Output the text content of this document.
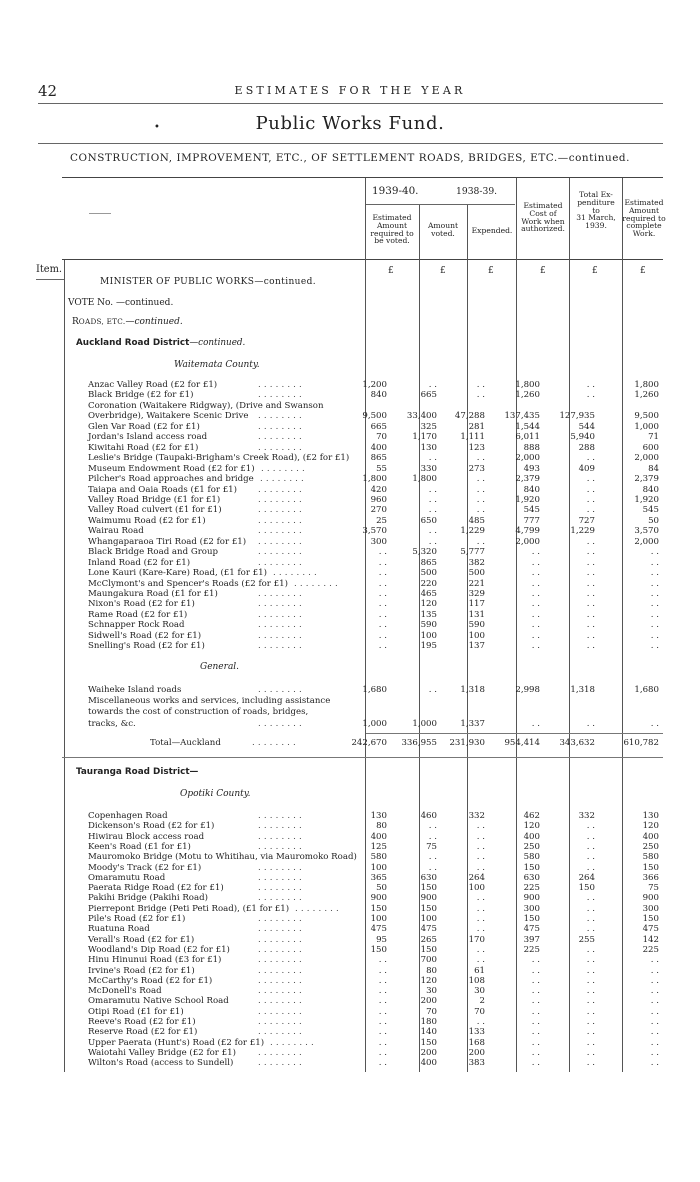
42	ESTIMATES FOR THE YEAR
•	Public Works Fund.
CONSTRUCTION, IMPROVEMENT, ETC., OF SETTLEMENT ROADS, BRIDGES, ETC.—continued.
1939-40.	1938-39.
Estimated
Amount
required to
be voted.
Amount
voted.	Expended.
Estimated
Cost of
Work when
authorized.
Total Ex-
penditure
to
31 March,
1939.
Estimated
Amount
required to
complete
Work.
Item.	£	£	£	£	£	£
MINISTER OF PUBLIC WORKS—continued.
VOTE No. —continued.
ROADS, ETC.—continued.
Auckland Road District—continued.
Waitemata County.
Anzac Valley Road (£2 for £1)	. . . . . . . .	1,200	. .	. .	1,800	. .	1,800
Black Bridge (£2 for £1)	. . . . . . . .	840	665	. .	1,260	. .	1,260
Coronation (Waitakere Ridgway), (Drive and Swanson
Overbridge), Waitakere Scenic Drive . . . . . . . .	9,500 33,400 47,288 137,435 127,935	9,500
Glen Var Road (£2 for £1)	. . . . . . . .	665	325	281	1,544	544	1,000
Jordan's Island access road	. . . . . . . .	70	1,170	1,111	6,011	5,940	71
Kiwitahi Road (£2 for £1)	. . . . . . . .	400	130	123	888	288	600
Leslie's Bridge (Taupaki-Brigham's Creek Road), (£2 for £1) 865	. .	. .	2,000	. .	2,000
Museum Endowment Road (£2 for £1) . . . . . . . .	55	330	273	493	409	84
Pilcher's Road approaches and bridge . . . . . . . .	1,800	1,800	. .	2,379	. .	2,379
Taiapa and Oaia Roads (£1 for £1) . . . . . . . .	420	. .	. .	840	. .	840
Valley Road Bridge (£1 for £1)	. . . . . . . .	960	. .	. .	1,920	. .	1,920
Valley Road culvert (£1 for £1)	. . . . . . . .	270	. .	. .	545	. .	545
Waimumu Road (£2 for £1)	. . . . . . . .	25	650	485	777	727	50
Wairau Road	. . . . . . . .	3,570	. .	1,229	4,799	1,229	3,570
Whangaparaoa Tiri Road (£2 for £1) . . . . . . . .	300	. .	. .	2,000	. .	2,000
Black Bridge Road and Group	. . . . . . . .	. .	5,320	5,777	. .	. .	. .
Inland Road (£2 for £1)	. . . . . . . .	. .	865	382	. .	. .	. .
Lone Kauri (Kare-Kare) Road, (£1 for £1) . . . . . . . .	. .	500	500	. .	. .	. .
McClymont's and Spencer's Roads (£2 for £1) . . . . . . . .	. .	220	221	. .	. .	. .
Maungakura Road (£1 for £1)	. . . . . . . .	. .	465	329	. .	. .	. .
Nixon's Road (£2 for £1)	. . . . . . . .	. .	120	117	. .	. .	. .
Rame Road (£2 for £1)	. . . . . . . .	. .	135	131	. .	. .	. .
Schnapper Rock Road	. . . . . . . .	. .	590	590	. .	. .	. .
Sidwell's Road (£2 for £1)	. . . . . . . .	. .	100	100	. .	. .	. .
Snelling's Road (£2 for £1)	. . . . . . . .	. .	195	137	. .	. .	. .
General.
Waiheke Island roads	. . . . . . . .	1,680	. .	1,318	2,998	1,318	1,680
Miscellaneous works and services, including assistance
towards the cost of construction of roads, bridges,
tracks, &c.	. . . . . . . .	1,000	1,000	1,337	. .	. .	. .
Total—Auckland	. . . . . . . .	242,670 336,955 231,930 954,414 343,632	610,782
Tauranga Road District—
Opotiki County.
Copenhagen Road	. . . . . . . .	130	460	332	462	332	130
Dickenson's Road (£2 for £1)	. . . . . . . .	80	. .	. .	120	. .	120
Hiwirau Block access road	. . . . . . . .	400	. .	. .	400	. .	400
Keen's Road (£1 for £1)	. . . . . . . .	125	75	. .	250	. .	250
Mauromoko Bridge (Motu to Whitihau, via Mauromoko Road) 580	. .	. .	580	. .	580
Moody's Track (£2 for £1)	. . . . . . . .	100	. .	. .	150	. .	150
Omaramutu Road	. . . . . . . .	365	630	264	630	264	366
Paerata Ridge Road (£2 for £1)	. . . . . . . .	50	150	100	225	150	75
Pakihi Bridge (Pakihi Road)	. . . . . . . .	900	900	. .	900	. .	900
Pierrepont Bridge (Peti Peti Road), (£1 for £1) . . . . . . . .	150	150	. .	300	. .	300
Pile's Road (£2 for £1)	. . . . . . . .	100	100	. .	150	. .	150
Ruatuna Road	. . . . . . . .	475	475	. .	475	. .	475
Verall's Road (£2 for £1)	. . . . . . . .	95	265	170	397	255	142
Woodland's Dip Road (£2 for £1)	. . . . . . . .	150	150	. .	225	. .	225
Hinu Hinunui Road (£3 for £1)	. . . . . . . .	. .	700	. .	. .	. .	. .
Irvine's Road (£2 for £1)	. . . . . . . .	. .	80	61	. .	. .	. .
McCarthy's Road (£2 for £1)	. . . . . . . .	. .	120	108	. .	. .	. .
McDonell's Road	. . . . . . . .	. .	30	30	. .	. .	. .
Omaramutu Native School Road	. . . . . . . .	. .	200	2	. .	. .	. .
Otipi Road (£1 for £1)	. . . . . . . .	. .	70	70	. .	. .	. .
Reeve's Road (£2 for £1)	. . . . . . . .	. .	180	. .	. .	. .	. .
Reserve Road (£2 for £1)	. . . . . . . .	. .	140	133	. .	. .	. .
Upper Paerata (Hunt's) Road (£2 for £1) . . . . . . . .	. .	150	168	. .	. .	. .
Waiotahi Valley Bridge (£2 for £1)	. . . . . . . .	. .	200	200	. .	. .	. .
Wilton's Road (access to Sundell)	. . . . . . . .	. .	400	383	. .	. .	. .
